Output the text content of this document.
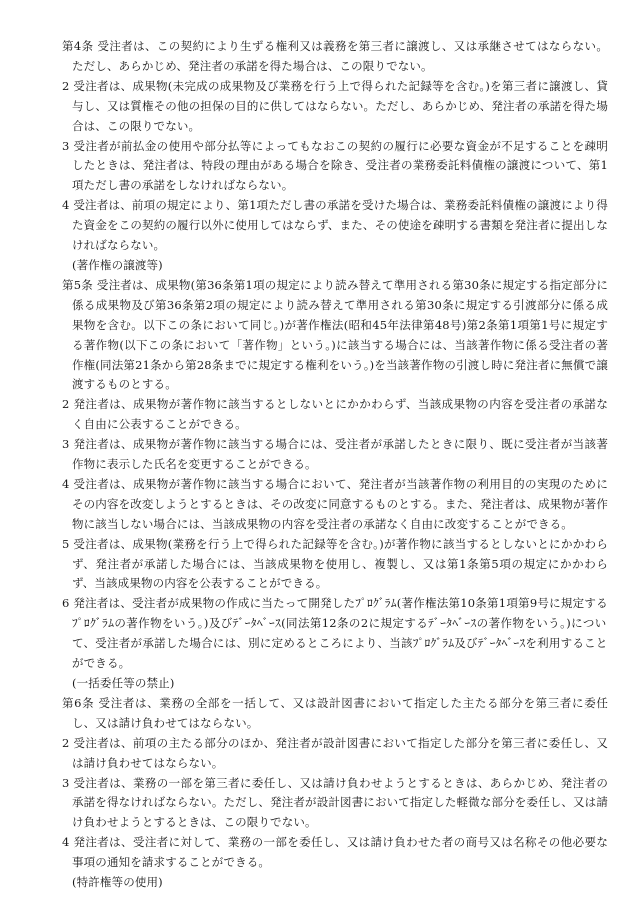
第4条 受注者は、この契約により生ずる権利又は義務を第三者に譲渡し、又は承継させてはならない。ただし、あらかじめ、発注者の承諾を得た場合は、この限りでない。

2 受注者は、成果物(未完成の成果物及び業務を行う上で得られた記録等を含む。)を第三者に譲渡し、貸与し、又は質権その他の担保の目的に供してはならない。ただし、あらかじめ、発注者の承諾を得た場合は、この限りでない。

3 受注者が前払金の使用や部分払等によってもなおこの契約の履行に必要な資金が不足することを疎明したときは、発注者は、特段の理由がある場合を除き、受注者の業務委託料債権の譲渡について、第1項ただし書の承諾をしなければならない。

4 受注者は、前項の規定により、第1項ただし書の承諾を受けた場合は、業務委託料債権の譲渡により得た資金をこの契約の履行以外に使用してはならず、また、その使途を疎明する書類を発注者に提出しなければならない。

(著作権の譲渡等)

第5条 受注者は、成果物(第36条第1項の規定により読み替えて準用される第30条に規定する指定部分に係る成果物及び第36条第2項の規定により読み替えて準用される第30条に規定する引渡部分に係る成果物を含む。以下この条において同じ。)が著作権法(昭和45年法律第48号)第2条第1項第1号に規定する著作物(以下この条において「著作物」という。)に該当する場合には、当該著作物に係る受注者の著作権(同法第21条から第28条までに規定する権利をいう。)を当該著作物の引渡し時に発注者に無償で譲渡するものとする。

2 発注者は、成果物が著作物に該当するとしないとにかかわらず、当該成果物の内容を受注者の承諾なく自由に公表することができる。

3 発注者は、成果物が著作物に該当する場合には、受注者が承諾したときに限り、既に受注者が当該著作物に表示した氏名を変更することができる。

4 受注者は、成果物が著作物に該当する場合において、発注者が当該著作物の利用目的の実現のためにその内容を改変しようとするときは、その改変に同意するものとする。また、発注者は、成果物が著作物に該当しない場合には、当該成果物の内容を受注者の承諾なく自由に改変することができる。

5 受注者は、成果物(業務を行う上で得られた記録等を含む。)が著作物に該当するとしないとにかかわらず、発注者が承諾した場合には、当該成果物を使用し、複製し、又は第1条第5項の規定にかかわらず、当該成果物の内容を公表することができる。

6 発注者は、受注者が成果物の作成に当たって開発したﾌﾟﾛｸﾞﾗﾑ(著作権法第10条第1項第9号に規定するﾌﾟﾛｸﾞﾗﾑの著作物をいう。)及びﾃﾞｰﾀﾍﾞｰｽ(同法第12条の2に規定するﾃﾞｰﾀﾍﾞｰｽの著作物をいう。)について、受注者が承諾した場合には、別に定めるところにより、当該ﾌﾟﾛｸﾞﾗﾑ及びﾃﾞｰﾀﾍﾞｰｽを利用することができる。

(一括委任等の禁止)

第6条 受注者は、業務の全部を一括して、又は設計図書において指定した主たる部分を第三者に委任し、又は請け負わせてはならない。

2 受注者は、前項の主たる部分のほか、発注者が設計図書において指定した部分を第三者に委任し、又は請け負わせてはならない。

3 受注者は、業務の一部を第三者に委任し、又は請け負わせようとするときは、あらかじめ、発注者の承諾を得なければならない。ただし、発注者が設計図書において指定した軽微な部分を委任し、又は請け負わせようとするときは、この限りでない。

4 発注者は、受注者に対して、業務の一部を委任し、又は請け負わせた者の商号又は名称その他必要な事項の通知を請求することができる。

(特許権等の使用)
